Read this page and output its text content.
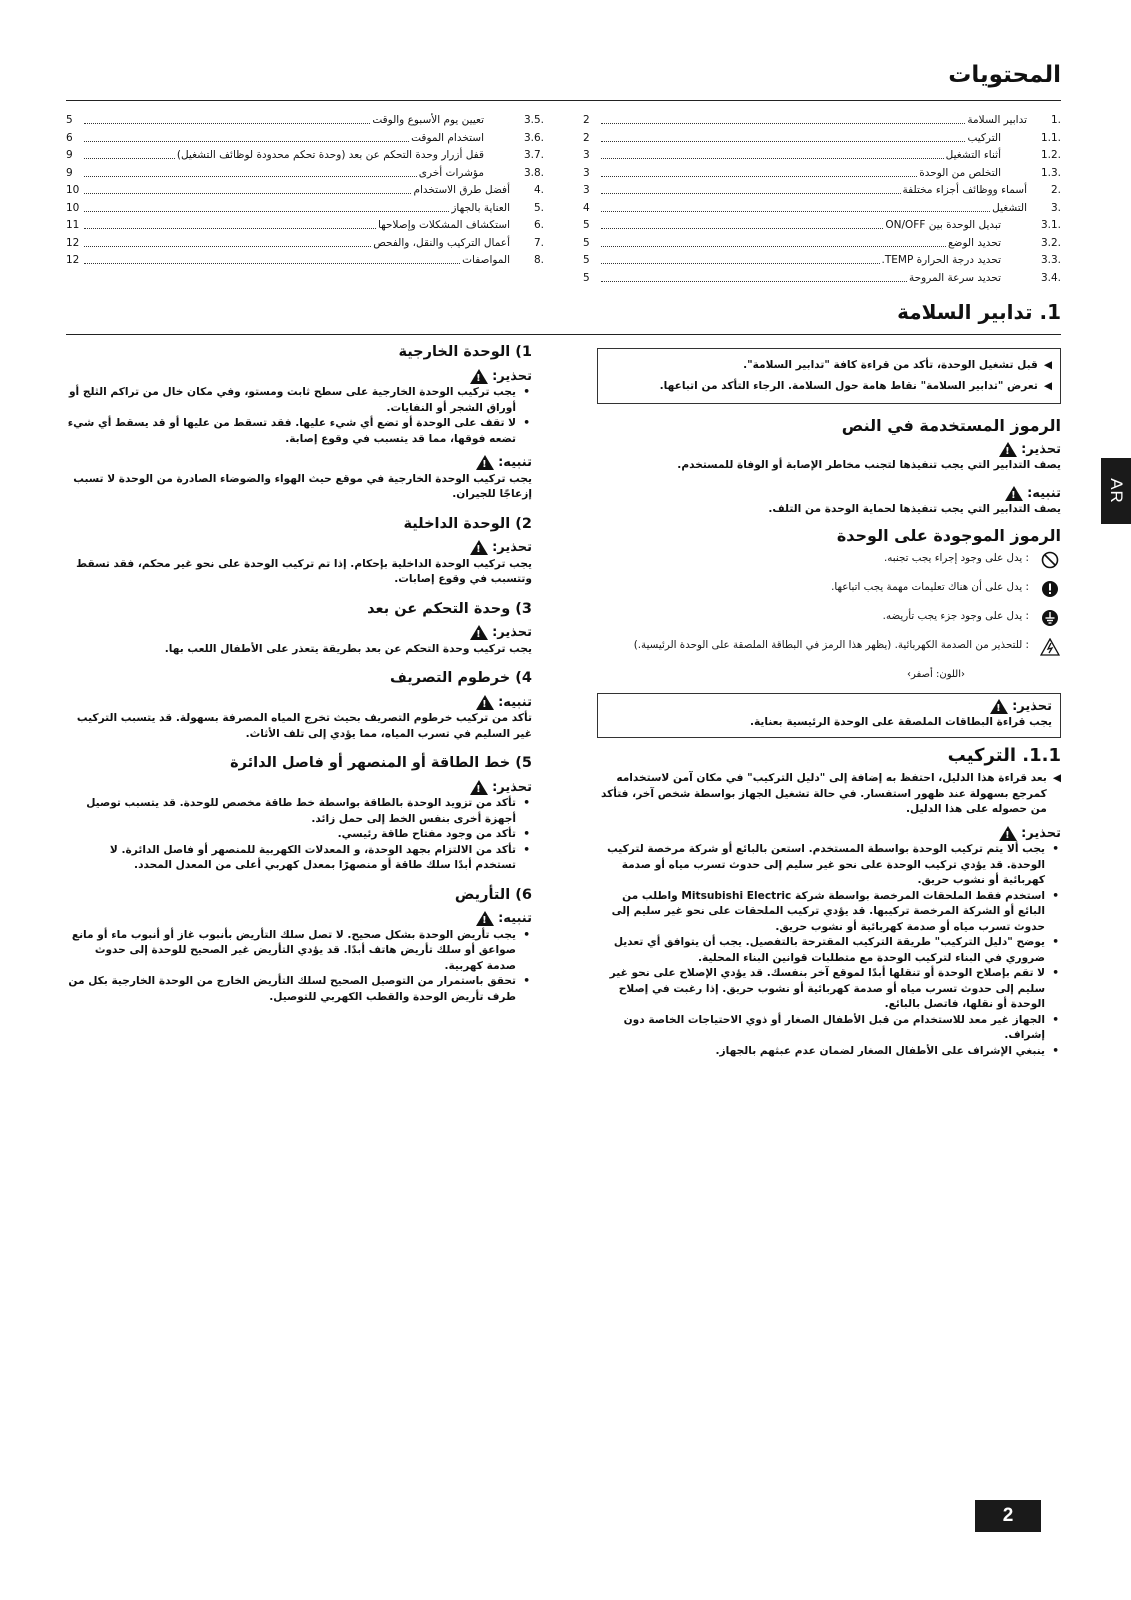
المحتويات
1.
تدابير السلامة
2
1.1.
التركيب
2
1.2.
أثناء التشغيل
3
1.3.
التخلص من الوحدة
3
2.
أسماء ووظائف أجزاء مختلفة
3
3.
التشغيل
4
3.1.
تبديل الوحدة بين ON/OFF
5
3.2.
تحديد الوضع
5
3.3.
تحديد درجة الحرارة TEMP.
5
3.4.
تحديد سرعة المروحة
5
3.5.
تعيين يوم الأسبوع والوقت
5
3.6.
استخدام الموقت
6
3.7.
قفل أزرار وحدة التحكم عن بعد (وحدة تحكم محدودة لوظائف التشغيل)
9
3.8.
مؤشرات أخرى
9
4.
أفضل طرق الاستخدام
10
5.
العناية بالجهاز
10
6.
استكشاف المشكلات وإصلاحها
11
7.
أعمال التركيب والنقل، والفحص
12
8.
المواصفات
12
1. تدابير السلامة
◀
قبل تشغيل الوحدة، تأكد من قراءة كافة "تدابير السلامة".
◀
تعرض "تدابير السلامة" نقاط هامة حول السلامة. الرجاء التأكد من اتباعها.
الرموز المستخدمة في النص
تحذير:
!

يصف التدابير التي يجب تنفيذها لتجنب مخاطر الإصابة أو الوفاة للمستخدم.

تنبيه:
!

يصف التدابير التي يجب تنفيذها لحماية الوحدة من التلف.

الرموز الموجودة على الوحدة
: يدل على وجود إجراء يجب تجنبه.
: يدل على أن هناك تعليمات مهمة يجب اتباعها.
: يدل على وجود جزء يجب تأريضه.
: للتحذير من الصدمة الكهربائية. (يظهر هذا الرمز في البطاقة الملصقة على الوحدة الرئيسية.)
‹اللون: أصفر›
تحذير:
!

يجب قراءة البطاقات الملصقة على الوحدة الرئيسية بعناية.

1.1. التركيب
◀
بعد قراءة هذا الدليل، احتفظ به إضافة إلى "دليل التركيب" في مكان آمن لاستخدامه كمرجع بسهولة عند ظهور استفسار. في حالة تشغيل الجهاز بواسطة شخص آخر، فتأكد من حصوله على هذا الدليل.
تحذير:
!
• يجب ألا يتم تركيب الوحدة بواسطة المستخدم. استعن بالبائع أو شركة مرخصة لتركيب الوحدة. قد يؤدي تركيب الوحدة على نحو غير سليم إلى حدوث تسرب مياه أو صدمة كهربائية أو نشوب حريق.
• استخدم فقط الملحقات المرخصة بواسطة شركة Mitsubishi Electric واطلب من البائع أو الشركة المرخصة تركيبها. قد يؤدي تركيب الملحقات على نحو غير سليم إلى حدوث تسرب مياه أو صدمة كهربائية أو نشوب حريق.
• يوضح "دليل التركيب" طريقة التركيب المقترحة بالتفصيل. يجب أن يتوافق أي تعديل ضروري في البناء لتركيب الوحدة مع متطلبات قوانين البناء المحلية.
• لا تقم بإصلاح الوحدة أو تنقلها أبدًا لموقع آخر بنفسك. قد يؤدي الإصلاح على نحو غير سليم إلى حدوث تسرب مياه أو صدمة كهربائية أو نشوب حريق. إذا رغبت في إصلاح الوحدة أو نقلها، فاتصل بالبائع.
• الجهاز غير معد للاستخدام من قبل الأطفال الصغار أو ذوي الاحتياجات الخاصة دون إشراف.
• ينبغي الإشراف على الأطفال الصغار لضمان عدم عبثهم بالجهاز.
1) الوحدة الخارجية
تحذير:
!
• يجب تركيب الوحدة الخارجية على سطح ثابت ومستو، وفي مكان خال من تراكم الثلج أو أوراق الشجر أو النفايات.
• لا تقف على الوحدة أو تضع أي شيء عليها. فقد تسقط من عليها أو قد يسقط أي شيء تضعه فوقها، مما قد يتسبب في وقوع إصابة.
تنبيه:
!

يجب تركيب الوحدة الخارجية في موقع حيث الهواء والضوضاء الصادرة من الوحدة لا تسبب إزعاجًا للجيران.

2) الوحدة الداخلية
تحذير:
!

يجب تركيب الوحدة الداخلية بإحكام. إذا تم تركيب الوحدة على نحو غير محكم، فقد تسقط وتتسبب في وقوع إصابات.

3) وحدة التحكم عن بعد
تحذير:
!

يجب تركيب وحدة التحكم عن بعد بطريقة يتعذر على الأطفال اللعب بها.

4) خرطوم التصريف
تنبيه:
!

تأكد من تركيب خرطوم التصريف بحيث تخرج المياه المصرفة بسهولة. قد يتسبب التركيب غير السليم في تسرب المياه، مما يؤدي إلى تلف الأثاث.

5) خط الطاقة أو المنصهر أو فاصل الدائرة
تحذير:
!
• تأكد من تزويد الوحدة بالطاقة بواسطة خط طاقة مخصص للوحدة. قد يتسبب توصيل أجهزة أخرى بنفس الخط إلى حمل زائد.
• تأكد من وجود مفتاح طاقة رئيسي.
• تأكد من الالتزام بجهد الوحدة، و المعدلات الكهربية للمنصهر أو فاصل الدائرة. لا تستخدم أبدًا سلك طاقة أو منصهرًا بمعدل كهربي أعلى من المعدل المحدد.
6) التأريض
تنبيه:
!
• يجب تأريض الوحدة بشكل صحيح. لا تصل سلك التأريض بأنبوب غاز أو أنبوب ماء أو مانع صواعق أو سلك تأريض هاتف أبدًا. قد يؤدي التأريض غير الصحيح للوحدة إلى حدوث صدمة كهربية.
• تحقق باستمرار من التوصيل الصحيح لسلك التأريض الخارج من الوحدة الخارجية بكل من طرف تأريض الوحدة والقطب الكهربي للتوصيل.
AR
2
